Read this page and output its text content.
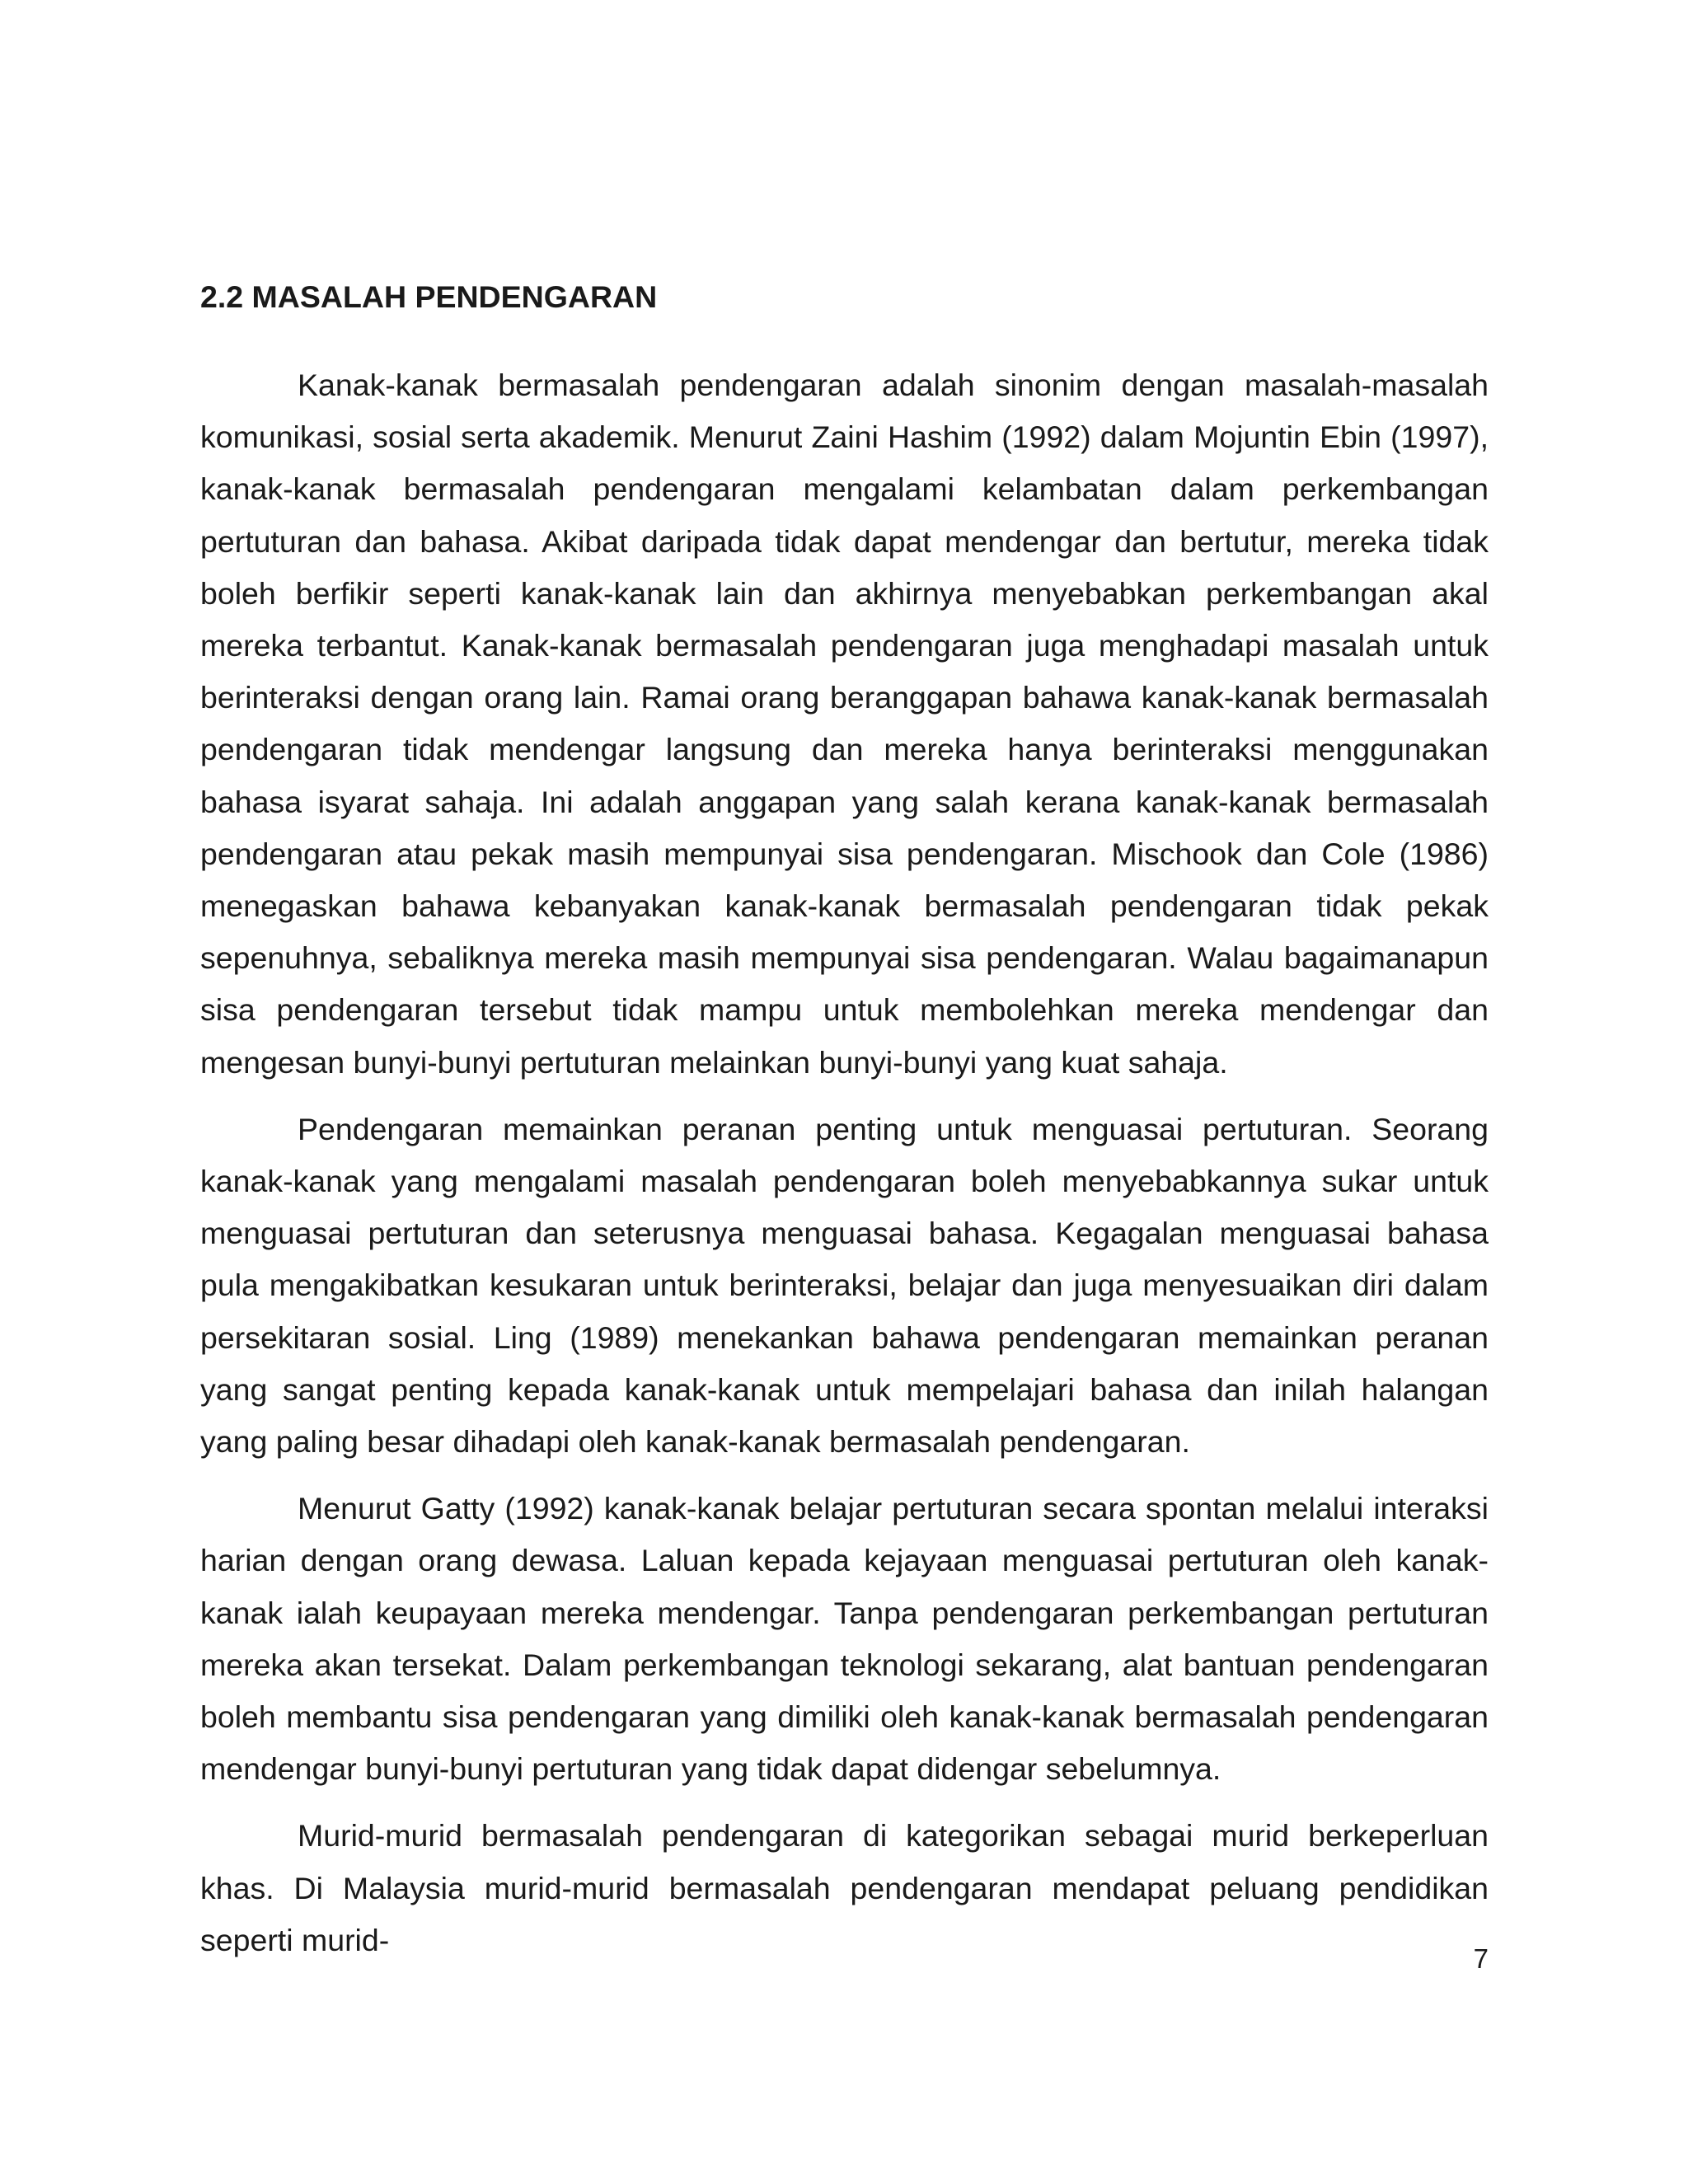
2.2 MASALAH PENDENGARAN

Kanak-kanak bermasalah pendengaran adalah sinonim dengan masalah-masalah komunikasi, sosial serta akademik. Menurut Zaini Hashim (1992) dalam Mojuntin Ebin (1997), kanak-kanak bermasalah pendengaran mengalami kelambatan dalam perkembangan pertuturan dan bahasa. Akibat daripada tidak dapat mendengar dan bertutur, mereka tidak boleh berfikir seperti kanak-kanak lain dan akhirnya menyebabkan perkembangan akal mereka terbantut. Kanak-kanak bermasalah pendengaran juga menghadapi masalah untuk berinteraksi dengan orang lain. Ramai orang beranggapan bahawa kanak-kanak bermasalah pendengaran tidak mendengar langsung dan mereka hanya berinteraksi menggunakan bahasa isyarat sahaja. Ini adalah anggapan yang salah kerana kanak-kanak bermasalah pendengaran atau pekak masih mempunyai sisa pendengaran. Mischook dan Cole (1986) menegaskan bahawa kebanyakan kanak-kanak bermasalah pendengaran tidak pekak sepenuhnya, sebaliknya mereka masih mempunyai sisa pendengaran. Walau bagaimanapun sisa pendengaran tersebut tidak mampu untuk membolehkan mereka mendengar dan mengesan bunyi-bunyi pertuturan melainkan bunyi-bunyi yang kuat sahaja.

Pendengaran memainkan peranan penting untuk menguasai pertuturan. Seorang kanak-kanak yang mengalami masalah pendengaran boleh menyebabkannya sukar untuk menguasai pertuturan dan seterusnya menguasai bahasa. Kegagalan menguasai bahasa pula mengakibatkan kesukaran untuk berinteraksi, belajar dan juga menyesuaikan diri dalam persekitaran sosial. Ling (1989) menekankan bahawa pendengaran memainkan peranan yang sangat penting kepada kanak-kanak untuk mempelajari bahasa dan inilah halangan yang paling besar dihadapi oleh kanak-kanak bermasalah pendengaran.

Menurut Gatty (1992) kanak-kanak belajar pertuturan secara spontan melalui interaksi harian dengan orang dewasa. Laluan kepada kejayaan menguasai pertuturan oleh kanak-kanak ialah keupayaan mereka mendengar. Tanpa pendengaran perkembangan pertuturan mereka akan tersekat. Dalam perkembangan teknologi sekarang, alat bantuan pendengaran boleh membantu sisa pendengaran yang dimiliki oleh kanak-kanak bermasalah pendengaran mendengar bunyi-bunyi pertuturan yang tidak dapat didengar sebelumnya.

Murid-murid bermasalah pendengaran di kategorikan sebagai murid berkeperluan khas. Di Malaysia murid-murid bermasalah pendengaran mendapat peluang pendidikan seperti murid-

7
